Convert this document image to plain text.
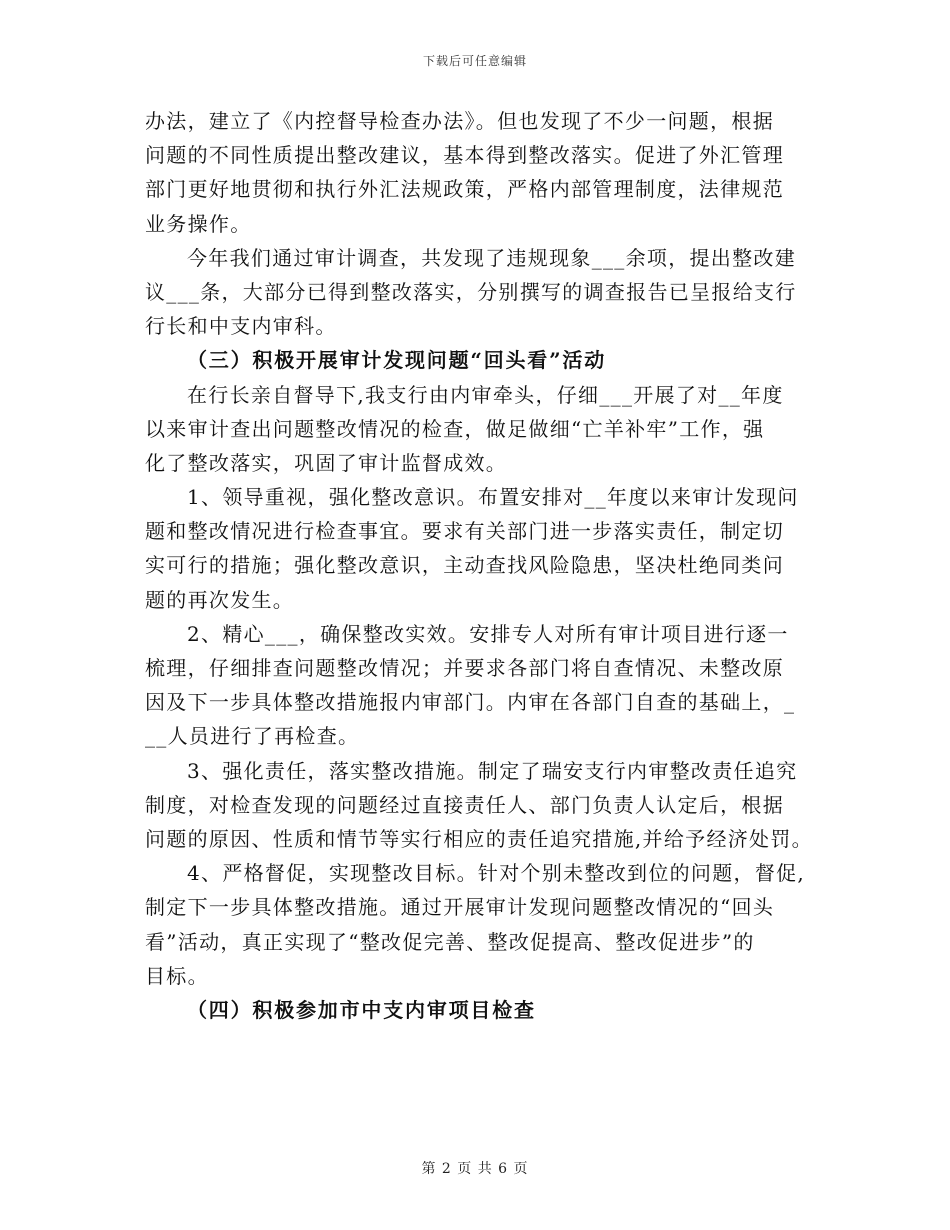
下载后可任意编辑
办法，建立了《内控督导检查办法》。但也发现了不少一问题，根据
问题的不同性质提出整改建议，基本得到整改落实。促进了外汇管理
部门更好地贯彻和执行外汇法规政策，严格内部管理制度，法律规范
业务操作。
今年我们通过审计调查，共发现了违规现象___余项，提出整改建
议___条，大部分已得到整改落实，分别撰写的调查报告已呈报给支行
行长和中支内审科。
（三）积极开展审计发现问题“回头看”活动
在行长亲自督导下,我支行由内审牵头，仔细___开展了对__年度
以来审计查出问题整改情况的检查，做足做细“亡羊补牢”工作，强
化了整改落实，巩固了审计监督成效。
1、领导重视，强化整改意识。布置安排对__年度以来审计发现问
题和整改情况进行检查事宜。要求有关部门进一步落实责任，制定切
实可行的措施；强化整改意识，主动查找风险隐患，坚决杜绝同类问
题的再次发生。
2、精心___，确保整改实效。安排专人对所有审计项目进行逐一
梳理，仔细排查问题整改情况；并要求各部门将自查情况、未整改原
因及下一步具体整改措施报内审部门。内审在各部门自查的基础上，_
__人员进行了再检查。
3、强化责任，落实整改措施。制定了瑞安支行内审整改责任追究
制度，对检查发现的问题经过直接责任人、部门负责人认定后，根据
问题的原因、性质和情节等实行相应的责任追究措施,并给予经济处罚。
4、严格督促，实现整改目标。针对个别未整改到位的问题，督促,
制定下一步具体整改措施。通过开展审计发现问题整改情况的“回头
看”活动，真正实现了“整改促完善、整改促提高、整改促进步”的
目标。
（四）积极参加市中支内审项目检查
第 2 页 共 6 页
